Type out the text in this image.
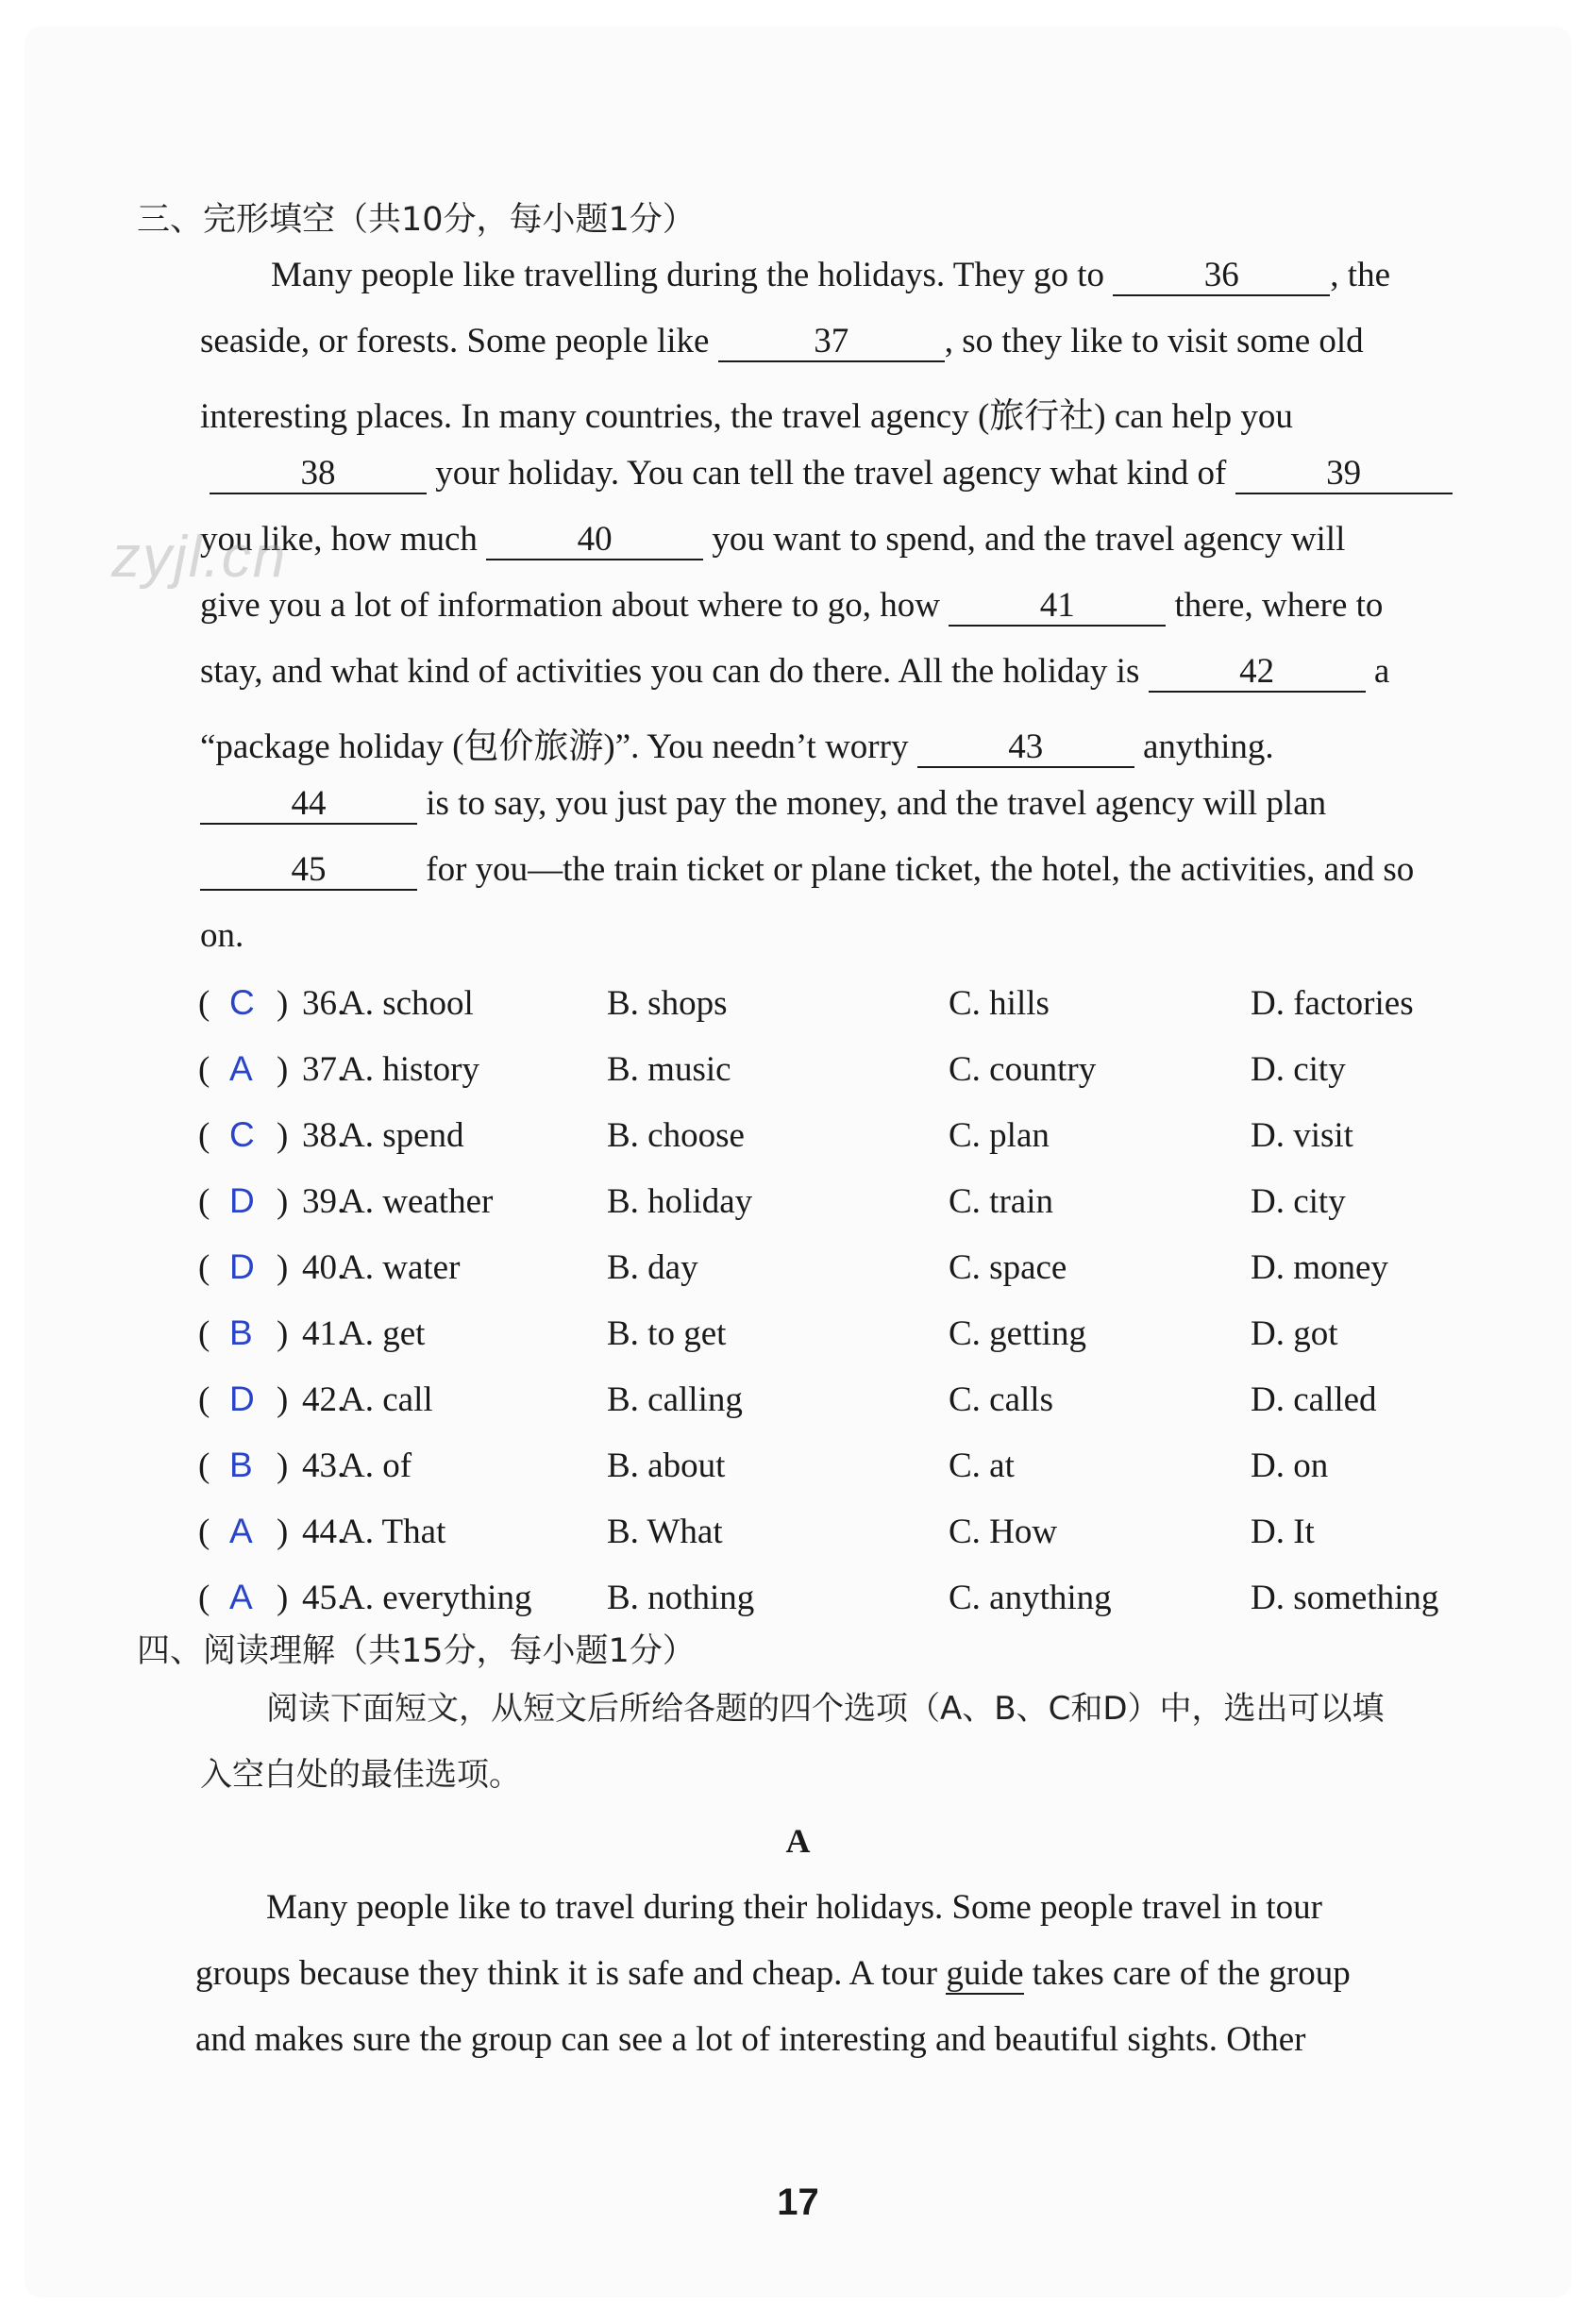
三、完形填空（共10分，每小题1分）
Many people like travelling during the holidays. They go to	36	, the
seaside, or forests. Some people like	37	, so they like to visit some old
interesting places. In many countries, the travel agency (旅行社) can help you
38	your holiday. You can tell the travel agency what kind of	39
you like, how much	40	you want to spend, and the travel agency will
give you a lot of information about where to go, how	41	there, where to
stay, and what kind of activities you can do there. All the holiday is	42	a
“package holiday (包价旅游)”. You needn’t worry	43	anything.
44	is to say, you just pay the money, and the travel agency will plan
45	for you—the train ticket or plane ticket, the hotel, the activities, and so
on.
zyjl.cn
( C ) 36.
A. school	B. shops	C. hills	D. factories
( A ) 37.
A. history	B. music	C. country	D. city
( C ) 38.
A. spend	B. choose	C. plan	D. visit
( D ) 39.
A. weather	B. holiday	C. train	D. city
( D ) 40.
A. water	B. day	C. space	D. money
( B ) 41.
A. get	B. to get	C. getting	D. got
( D ) 42.
A. call	B. calling	C. calls	D. called
( B ) 43.
A. of	B. about	C. at	D. on
( A ) 44.
A. That	B. What	C. How	D. It
( A ) 45.
A. everything B. nothing	C. anything	D. something
四、阅读理解（共15分，每小题1分）
阅读下面短文，从短文后所给各题的四个选项（A、B、C和D）中，选出可以填
入空白处的最佳选项。
A
Many people like to travel during their holidays. Some people travel in tour
groups because they think it is safe and cheap. A tour guide takes care of the group
and makes sure the group can see a lot of interesting and beautiful sights. Other
17
